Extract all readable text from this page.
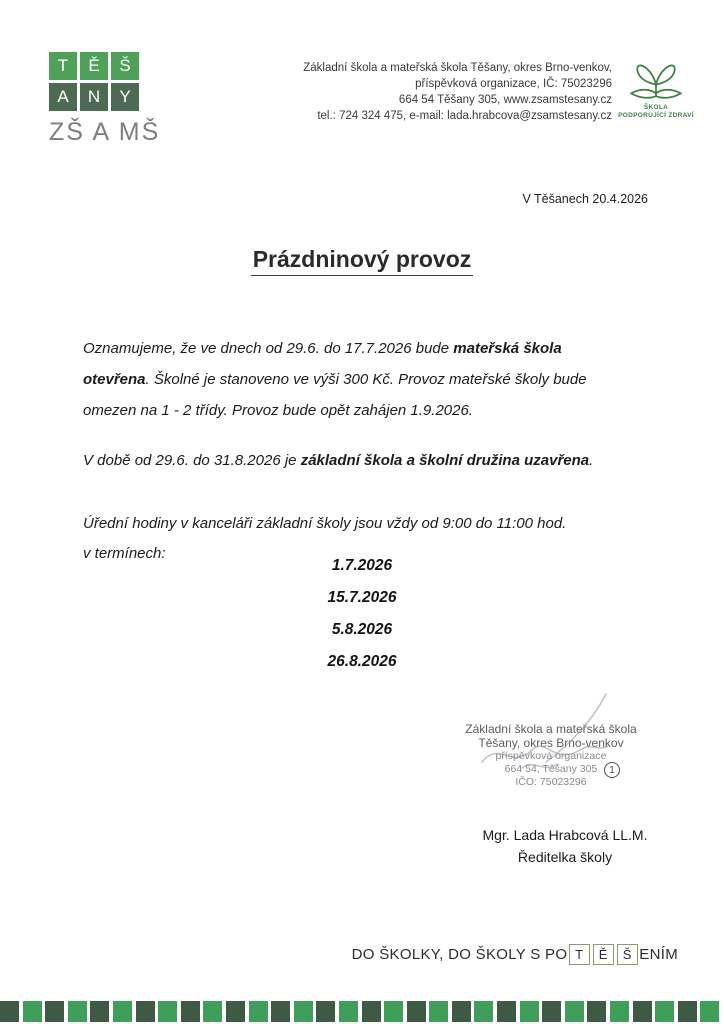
T	Ě	Š
A	N	Y
ZŠ A MŠ
Základní škola a mateřská škola Těšany, okres Brno-venkov,
příspěvková organizace, IČ: 75023296
664 54 Těšany 305, www.zsamstesany.cz
tel.: 724 324 475, e-mail: lada.hrabcova@zsamstesany.cz
ŠKOLA
PODPORUJÍCÍ ZDRAVÍ
V Těšanech 20.4.2026
Prázdninový provoz

Oznamujeme, že ve dnech od 29.6. do 17.7.2026 bude mateřská škola otevřena. Školné je stanoveno ve výši 300 Kč. Provoz mateřské školy bude omezen na 1 - 2 třídy. Provoz bude opět zahájen 1.9.2026.

V době od 29.6. do 31.8.2026 je základní škola a školní družina uzavřena.

Úřední hodiny v kanceláři základní školy jsou vždy od 9:00 do 11:00 hod.
v termínech:

1.7.2026
15.7.2026
5.8.2026
26.8.2026
Základní škola a mateřská škola
Těšany, okres Brno-venkov
příspěvková organizace
664 54, Těšany 305
IČO: 75023296
1
Mgr. Lada Hrabcová LL.M.
Ředitelka školy
DO ŠKOLKY, DO ŠKOLY S PO T	Ě	Š ENÍM
